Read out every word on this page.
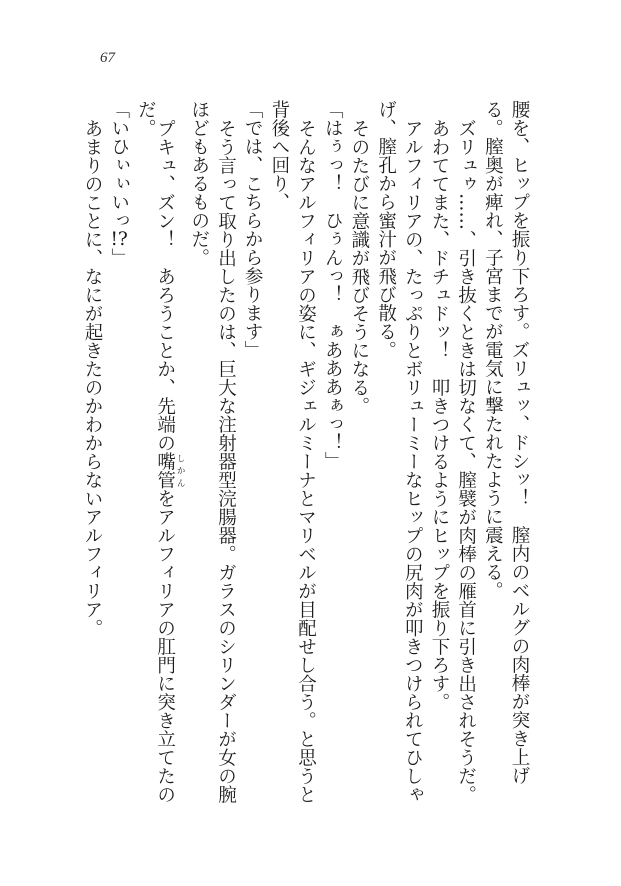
67
腰を、ヒップを振り下ろす。ズリュッ、ドシッ！　膣内のベルグの肉棒が突き上げ
る。膣奥が痺れ、子宮までが電気に撃たれたように震える。
ズリュゥ……、引き抜くときは切なくて、膣襞が肉棒の雁首に引き出されそうだ。
あわててまた、ドチュドッ！　叩きつけるようにヒップを振り下ろす。
アルフィリアの、たっぷりとボリューミーなヒップの尻肉が叩きつけられてひしゃ
げ、膣孔から蜜汁が飛び散る。
そのたびに意識が飛びそうになる。
「はぅっ！　ひぅんっ！　ぁあああぁっ！」
そんなアルフィリアの姿に、ギジェルミーナとマリベルが目配せし合う。と思うと
背後へ回り、
「では、こちらから参ります」
そう言って取り出したのは、巨大な注射器型浣腸器。ガラスのシリンダーが女の腕
ほどもあるものだ。
プキュ、ズン！　あろうことか、先端の嘴管 しかんをアルフィリアの肛門に突き立てたの
だ。
「いひぃぃいっ!?」
あまりのことに、なにが起きたのかわからないアルフィリア。
